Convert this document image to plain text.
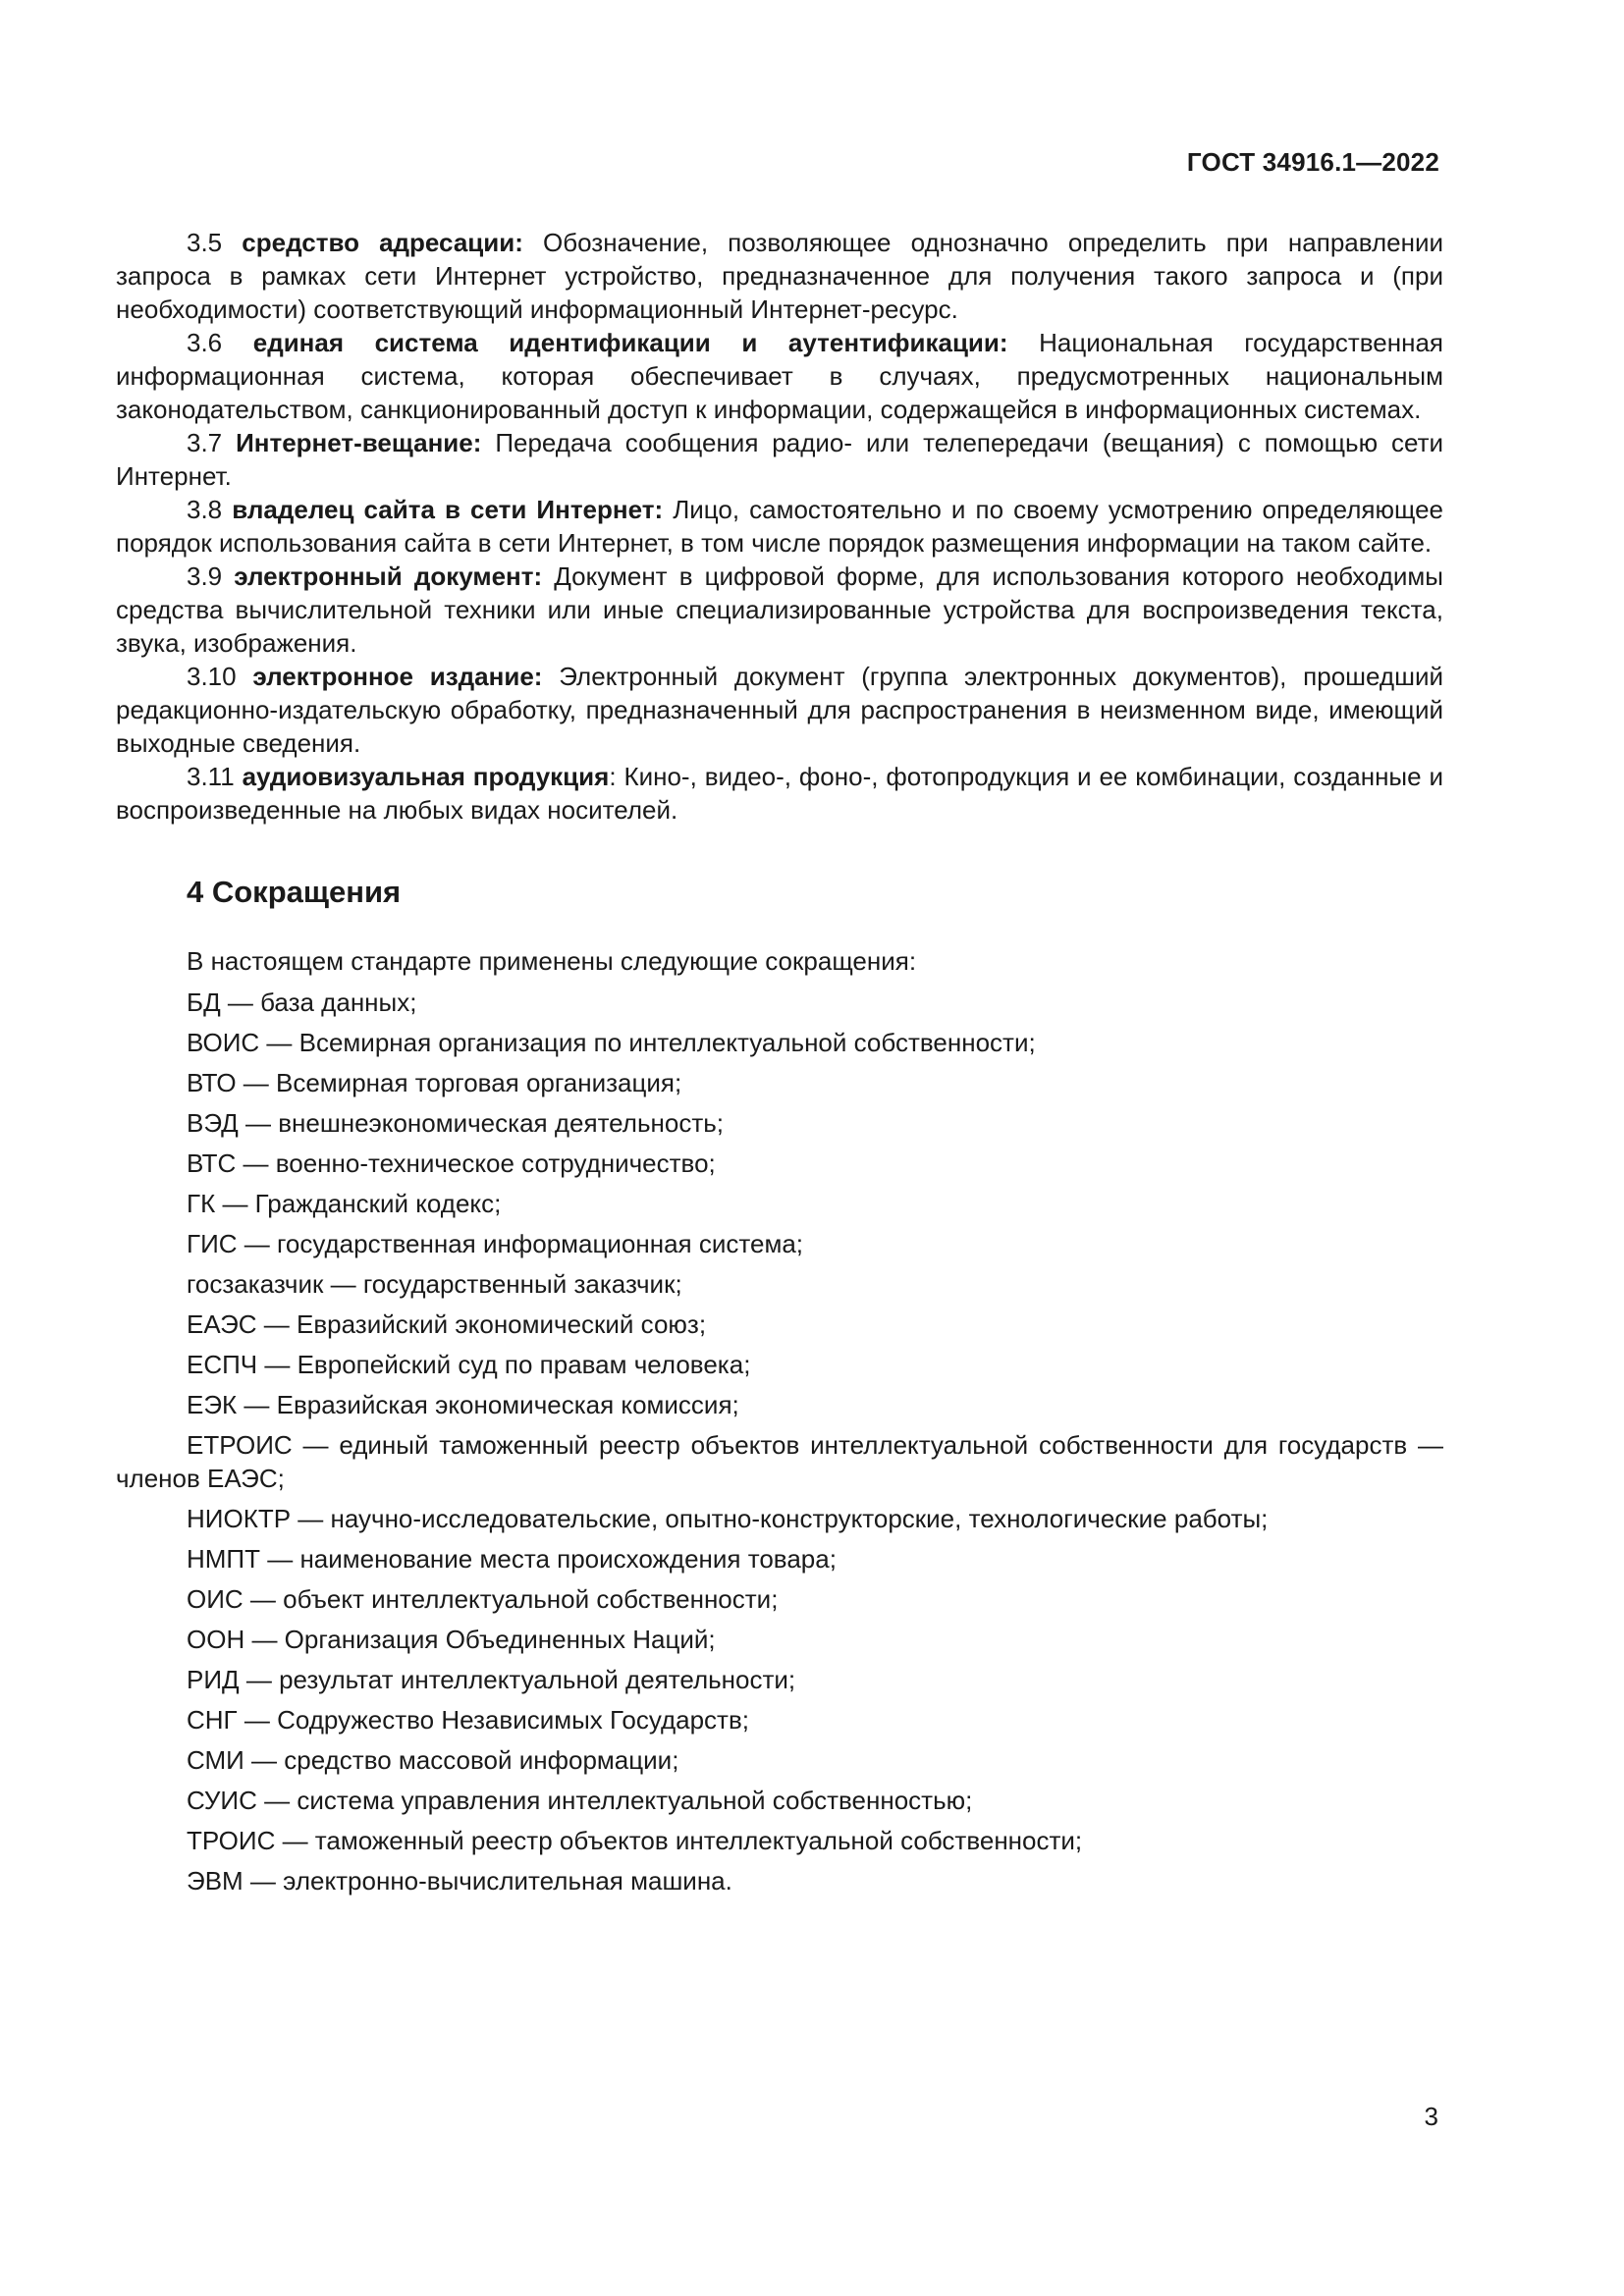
ГОСТ 34916.1—2022

3.5 средство адресации: Обозначение, позволяющее однозначно определить при направлении запроса в рамках сети Интернет устройство, предназначенное для получения такого запроса и (при необходимости) соответствующий информационный Интернет-ресурс.

3.6 единая система идентификации и аутентификации: Национальная государственная информационная система, которая обеспечивает в случаях, предусмотренных национальным законодательством, санкционированный доступ к информации, содержащейся в информационных системах.

3.7 Интернет-вещание: Передача сообщения радио- или телепередачи (вещания) с помощью сети Интернет.

3.8 владелец сайта в сети Интернет: Лицо, самостоятельно и по своему усмотрению определяющее порядок использования сайта в сети Интернет, в том числе порядок размещения информации на таком сайте.

3.9 электронный документ: Документ в цифровой форме, для использования которого необходимы средства вычислительной техники или иные специализированные устройства для воспроизведения текста, звука, изображения.

3.10 электронное издание: Электронный документ (группа электронных документов), прошедший редакционно-издательскую обработку, предназначенный для распространения в неизменном виде, имеющий выходные сведения.

3.11 аудиовизуальная продукция: Кино-, видео-, фоно-, фотопродукция и ее комбинации, созданные и воспроизведенные на любых видах носителей.

4 Сокращения

В настоящем стандарте применены следующие сокращения:

БД — база данных;

ВОИС — Всемирная организация по интеллектуальной собственности;

ВТО — Всемирная торговая организация;

ВЭД — внешнеэкономическая деятельность;

ВТС — военно-техническое сотрудничество;

ГК — Гражданский кодекс;

ГИС — государственная информационная система;

госзаказчик — государственный заказчик;

ЕАЭС — Евразийский экономический союз;

ЕСПЧ — Европейский суд по правам человека;

ЕЭК — Евразийская экономическая комиссия;

ЕТРОИС — единый таможенный реестр объектов интеллектуальной собственности для государств — членов ЕАЭС;

НИОКТР — научно-исследовательские, опытно-конструкторские, технологические работы;

НМПТ — наименование места происхождения товара;

ОИС — объект интеллектуальной собственности;

ООН — Организация Объединенных Наций;

РИД — результат интеллектуальной деятельности;

СНГ — Содружество Независимых Государств;

СМИ — средство массовой информации;

СУИС — система управления интеллектуальной собственностью;

ТРОИС — таможенный реестр объектов интеллектуальной собственности;

ЭВМ — электронно-вычислительная машина.

3
